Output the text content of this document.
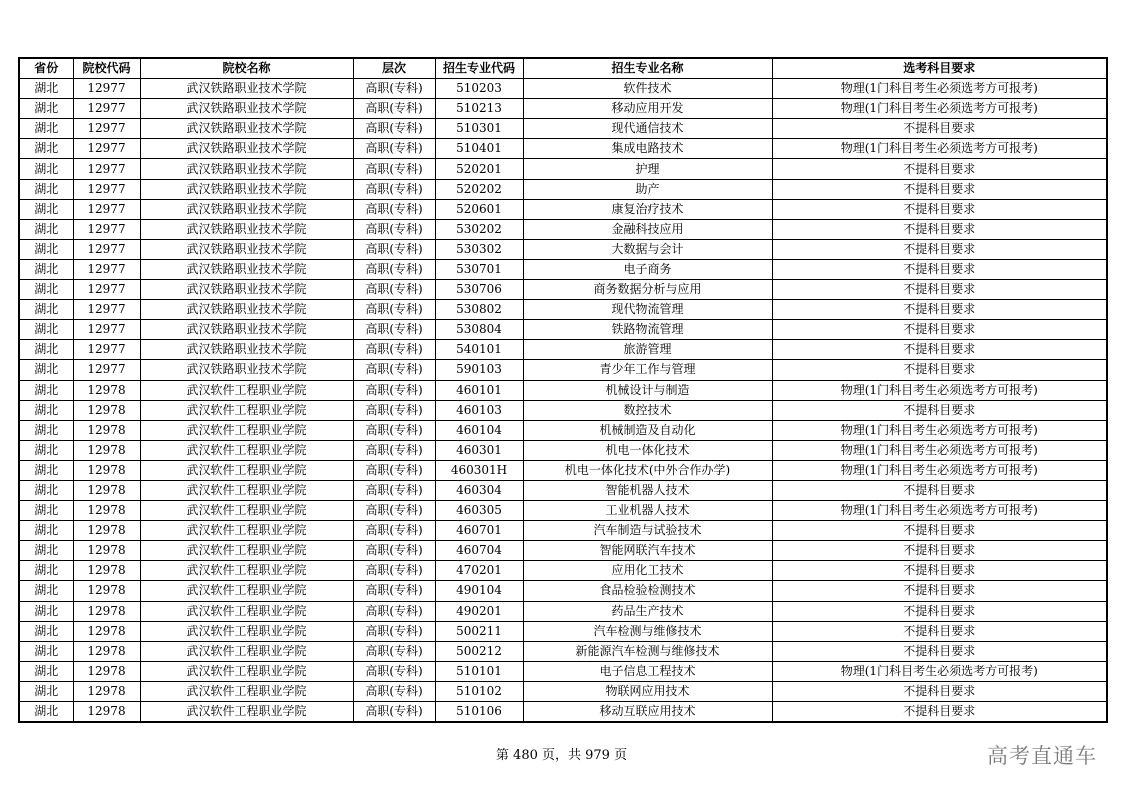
省份	院校代码	院校名称	层次	招生专业代码	招生专业名称	选考科目要求
湖北	12977	武汉铁路职业技术学院	高职(专科)	510203	软件技术	物理(1门科目考生必须选考方可报考)
湖北	12977	武汉铁路职业技术学院	高职(专科)	510213	移动应用开发	物理(1门科目考生必须选考方可报考)
湖北	12977	武汉铁路职业技术学院	高职(专科)	510301	现代通信技术	不提科目要求
湖北	12977	武汉铁路职业技术学院	高职(专科)	510401	集成电路技术	物理(1门科目考生必须选考方可报考)
湖北	12977	武汉铁路职业技术学院	高职(专科)	520201	护理	不提科目要求
湖北	12977	武汉铁路职业技术学院	高职(专科)	520202	助产	不提科目要求
湖北	12977	武汉铁路职业技术学院	高职(专科)	520601	康复治疗技术	不提科目要求
湖北	12977	武汉铁路职业技术学院	高职(专科)	530202	金融科技应用	不提科目要求
湖北	12977	武汉铁路职业技术学院	高职(专科)	530302	大数据与会计	不提科目要求
湖北	12977	武汉铁路职业技术学院	高职(专科)	530701	电子商务	不提科目要求
湖北	12977	武汉铁路职业技术学院	高职(专科)	530706	商务数据分析与应用	不提科目要求
湖北	12977	武汉铁路职业技术学院	高职(专科)	530802	现代物流管理	不提科目要求
湖北	12977	武汉铁路职业技术学院	高职(专科)	530804	铁路物流管理	不提科目要求
湖北	12977	武汉铁路职业技术学院	高职(专科)	540101	旅游管理	不提科目要求
湖北	12977	武汉铁路职业技术学院	高职(专科)	590103	青少年工作与管理	不提科目要求
湖北	12978	武汉软件工程职业学院	高职(专科)	460101	机械设计与制造	物理(1门科目考生必须选考方可报考)
湖北	12978	武汉软件工程职业学院	高职(专科)	460103	数控技术	不提科目要求
湖北	12978	武汉软件工程职业学院	高职(专科)	460104	机械制造及自动化	物理(1门科目考生必须选考方可报考)
湖北	12978	武汉软件工程职业学院	高职(专科)	460301	机电一体化技术	物理(1门科目考生必须选考方可报考)
湖北	12978	武汉软件工程职业学院	高职(专科)	460301H	机电一体化技术(中外合作办学)	物理(1门科目考生必须选考方可报考)
湖北	12978	武汉软件工程职业学院	高职(专科)	460304	智能机器人技术	不提科目要求
湖北	12978	武汉软件工程职业学院	高职(专科)	460305	工业机器人技术	物理(1门科目考生必须选考方可报考)
湖北	12978	武汉软件工程职业学院	高职(专科)	460701	汽车制造与试验技术	不提科目要求
湖北	12978	武汉软件工程职业学院	高职(专科)	460704	智能网联汽车技术	不提科目要求
湖北	12978	武汉软件工程职业学院	高职(专科)	470201	应用化工技术	不提科目要求
湖北	12978	武汉软件工程职业学院	高职(专科)	490104	食品检验检测技术	不提科目要求
湖北	12978	武汉软件工程职业学院	高职(专科)	490201	药品生产技术	不提科目要求
湖北	12978	武汉软件工程职业学院	高职(专科)	500211	汽车检测与维修技术	不提科目要求
湖北	12978	武汉软件工程职业学院	高职(专科)	500212	新能源汽车检测与维修技术	不提科目要求
湖北	12978	武汉软件工程职业学院	高职(专科)	510101	电子信息工程技术	物理(1门科目考生必须选考方可报考)
湖北	12978	武汉软件工程职业学院	高职(专科)	510102	物联网应用技术	不提科目要求
湖北	12978	武汉软件工程职业学院	高职(专科)	510106	移动互联应用技术	不提科目要求
第 480 页，共 979 页	高考直通车
